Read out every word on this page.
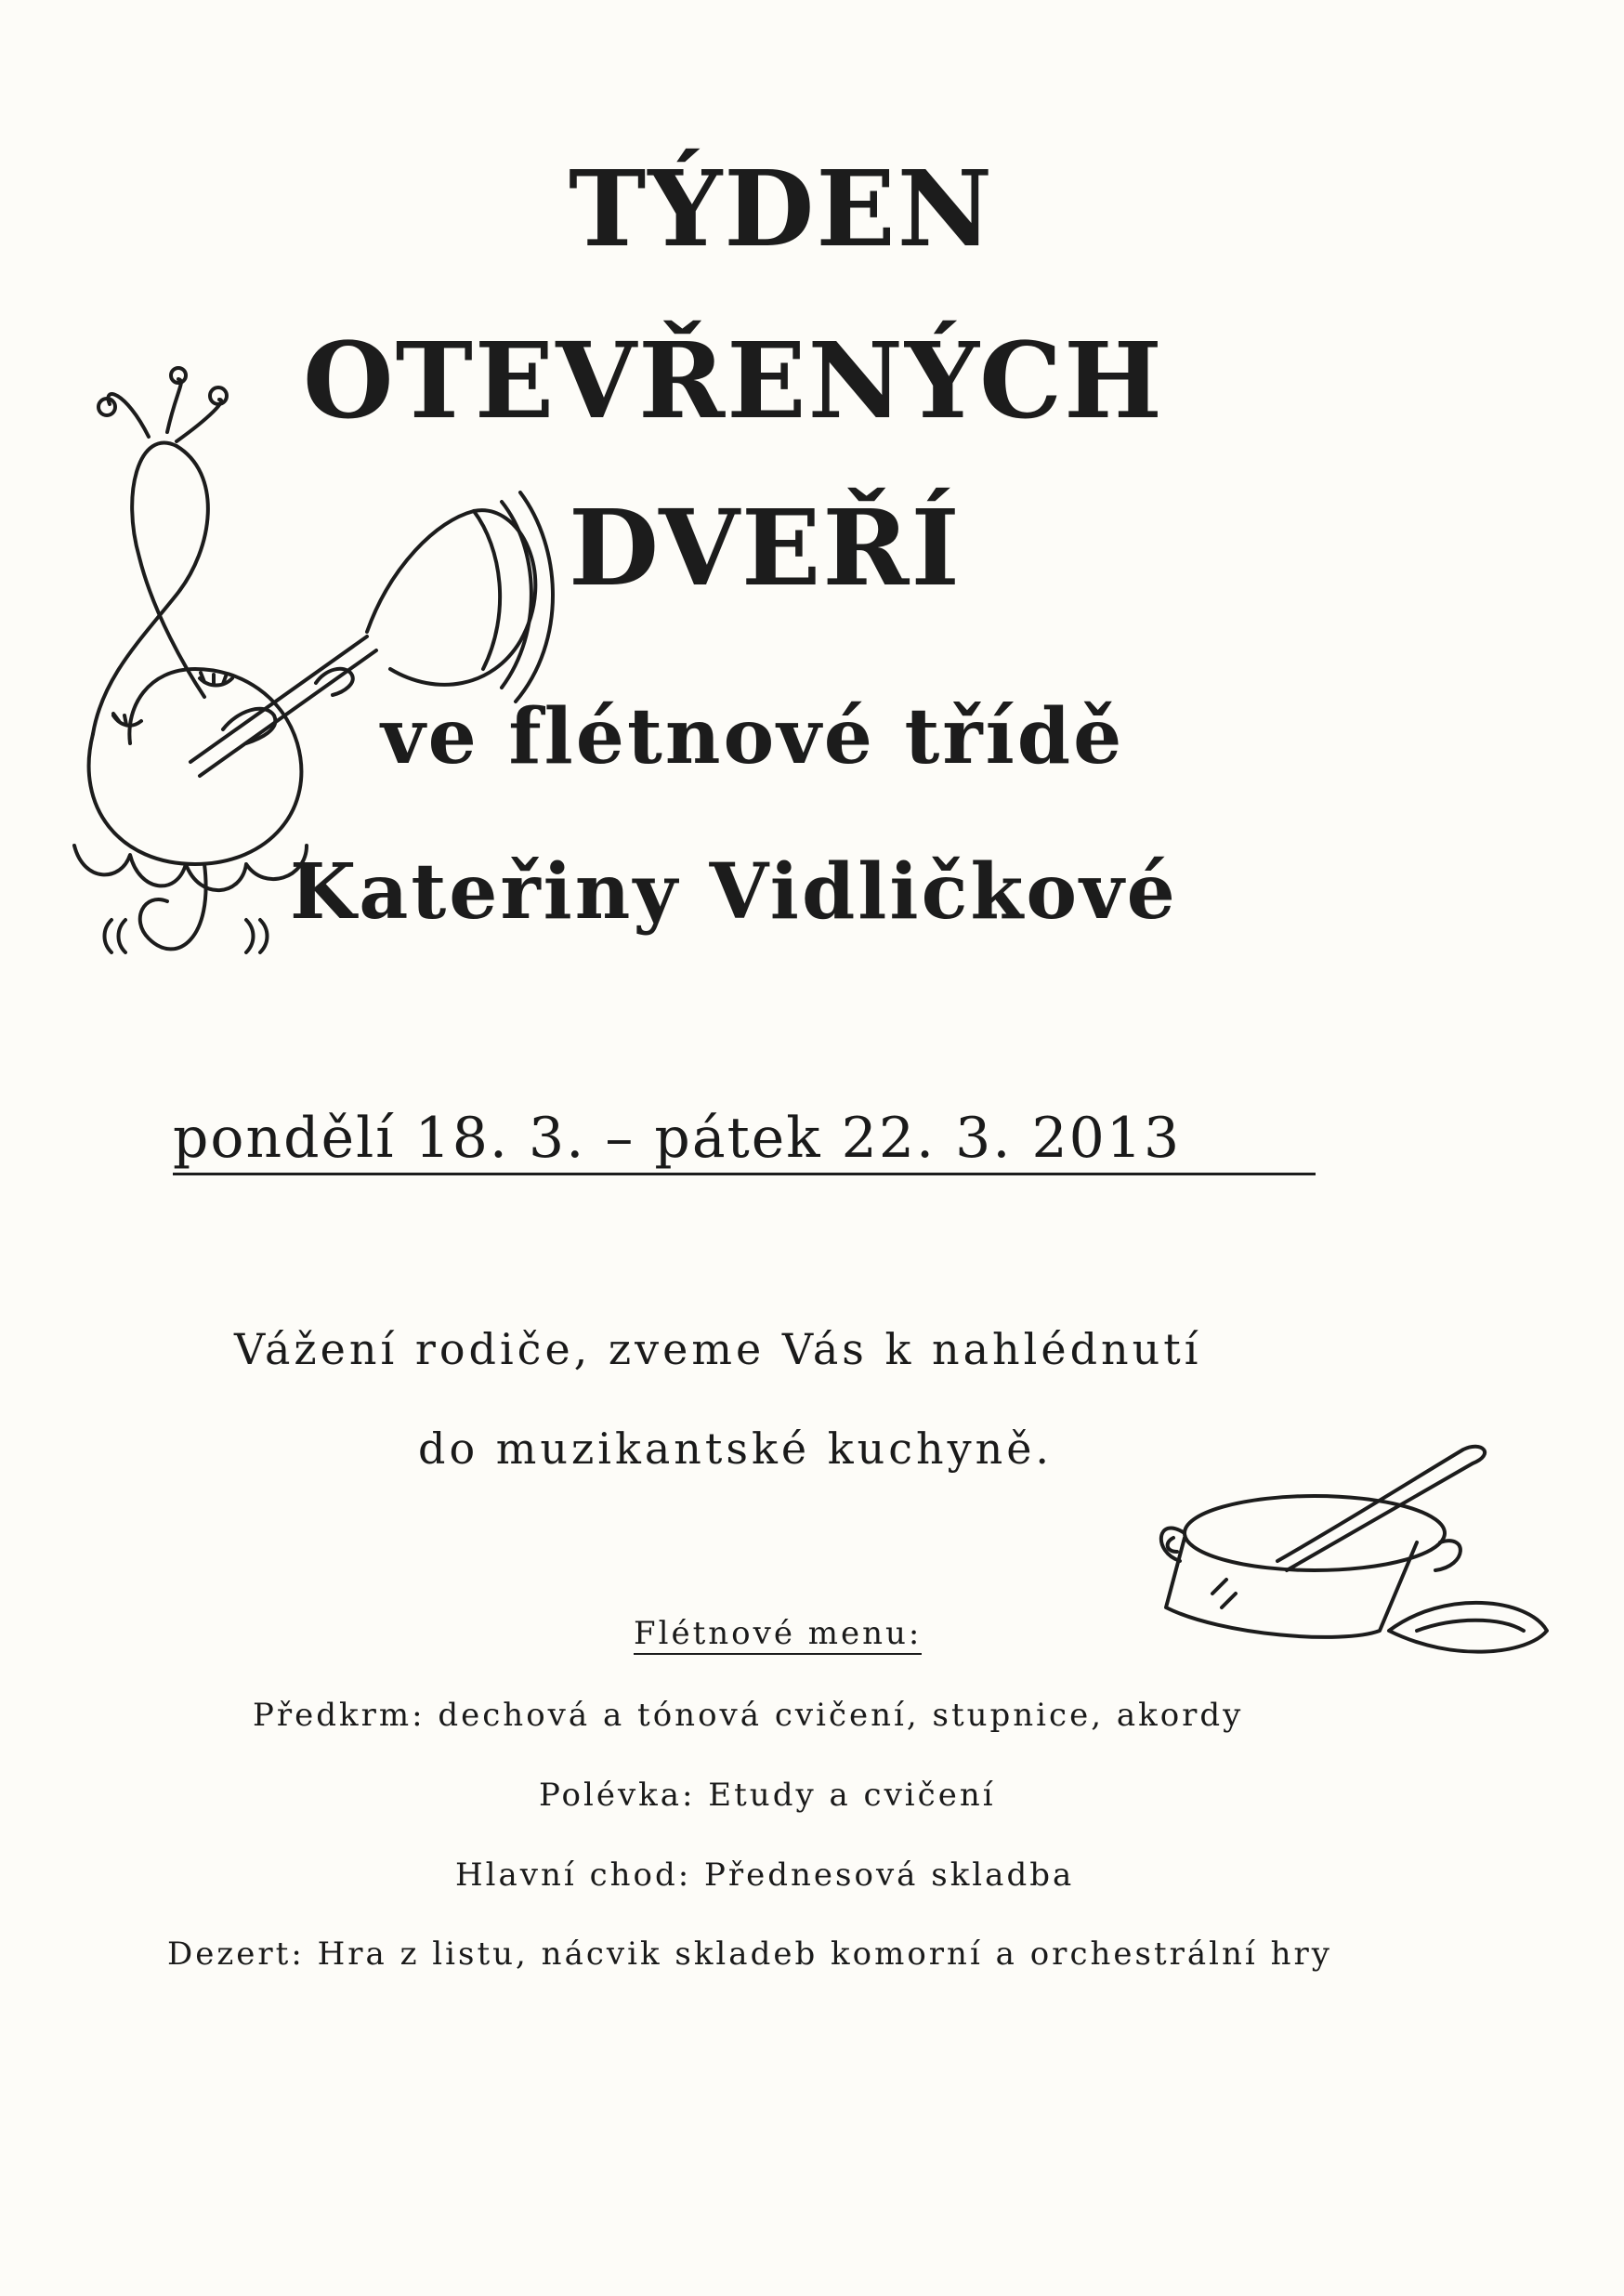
TÝDEN
OTEVŘENÝCH
DVEŘÍ
ve flétnové třídě
Kateřiny Vidličkové
pondělí 18. 3. – pátek 22. 3. 2013
Vážení rodiče, zveme Vás k nahlédnutí
do muzikantské kuchyně.
Flétnové menu:
Předkrm: dechová a tónová cvičení, stupnice, akordy
Polévka: Etudy a cvičení
Hlavní chod: Přednesová skladba
Dezert: Hra z listu, nácvik skladeb komorní a orchestrální hry
